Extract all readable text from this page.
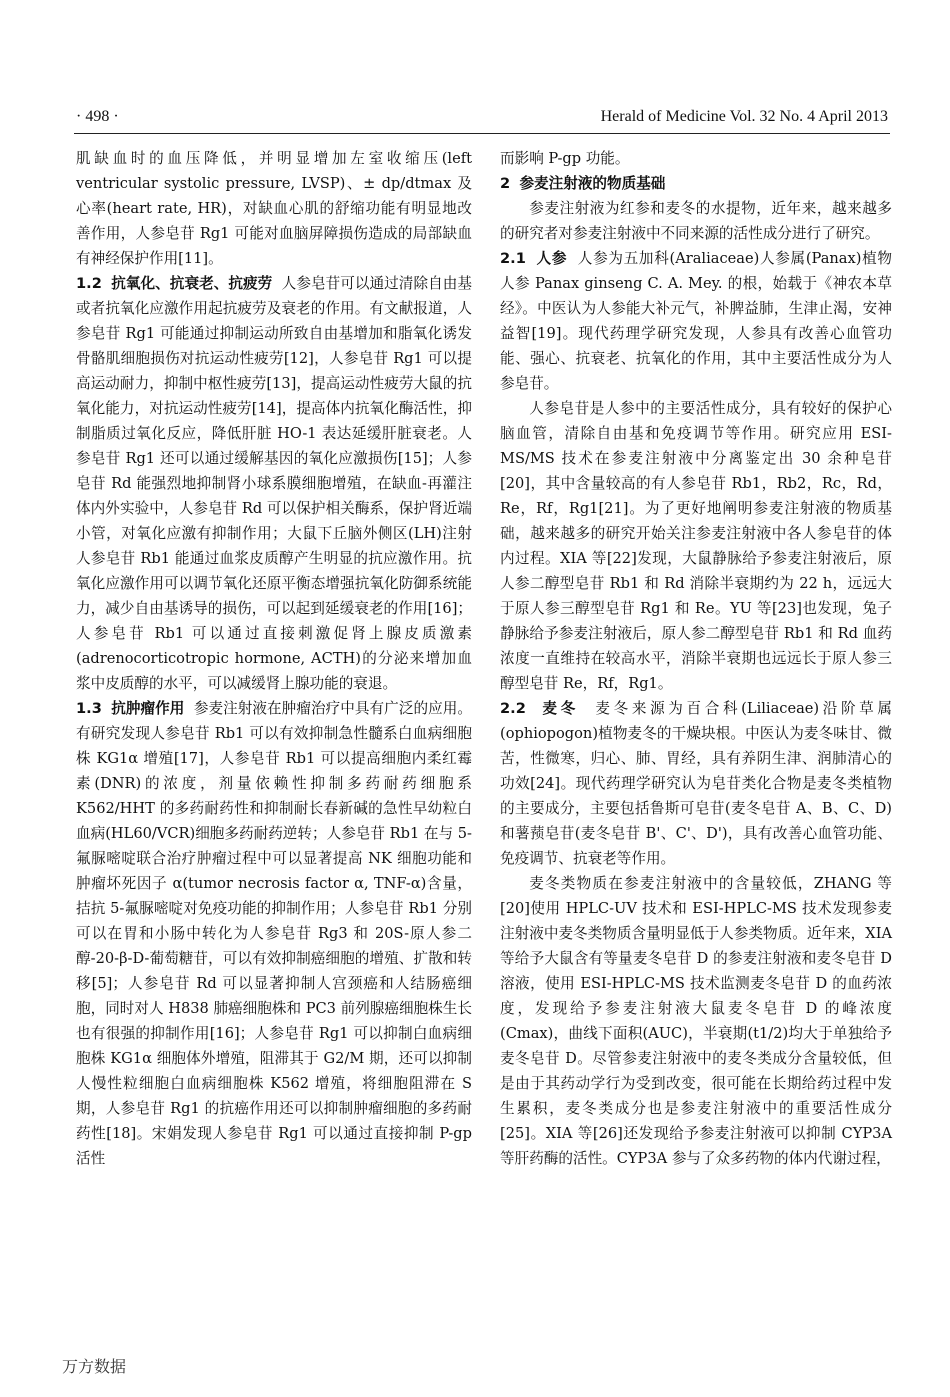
· 498 ·	Herald of Medicine Vol. 32 No. 4 April 2013

肌缺血时的血压降低，并明显增加左室收缩压(left ventricular systolic pressure, LVSP)、± dp/dtmax 及心率(heart rate, HR)，对缺血心肌的舒缩功能有明显地改善作用，人参皂苷 Rg1 可能对血脑屏障损伤造成的局部缺血有神经保护作用[11]。

1.2 抗氧化、抗衰老、抗疲劳 人参皂苷可以通过清除自由基或者抗氧化应激作用起抗疲劳及衰老的作用。有文献报道，人参皂苷 Rg1 可能通过抑制运动所致自由基增加和脂氧化诱发骨骼肌细胞损伤对抗运动性疲劳[12]，人参皂苷 Rg1 可以提高运动耐力，抑制中枢性疲劳[13]，提高运动性疲劳大鼠的抗氧化能力，对抗运动性疲劳[14]，提高体内抗氧化酶活性，抑制脂质过氧化反应，降低肝脏 HO-1 表达延缓肝脏衰老。人参皂苷 Rg1 还可以通过缓解基因的氧化应激损伤[15]；人参皂苷 Rd 能强烈地抑制肾小球系膜细胞增殖，在缺血-再灌注体内外实验中，人参皂苷 Rd 可以保护相关酶系，保护肾近端小管，对氧化应激有抑制作用；大鼠下丘脑外侧区(LH)注射人参皂苷 Rb1 能通过血浆皮质醇产生明显的抗应激作用。抗氧化应激作用可以调节氧化还原平衡态增强抗氧化防御系统能力，减少自由基诱导的损伤，可以起到延缓衰老的作用[16]；人参皂苷 Rb1 可以通过直接刺激促肾上腺皮质激素(adrenocorticotropic hormone, ACTH)的分泌来增加血浆中皮质醇的水平，可以减缓肾上腺功能的衰退。

1.3 抗肿瘤作用 参麦注射液在肿瘤治疗中具有广泛的应用。有研究发现人参皂苷 Rb1 可以有效抑制急性髓系白血病细胞株 KG1α 增殖[17]，人参皂苷 Rb1 可以提高细胞内柔红霉素(DNR)的浓度，剂量依赖性抑制多药耐药细胞系 K562/HHT 的多药耐药性和抑制耐长春新碱的急性早幼粒白血病(HL60/VCR)细胞多药耐药逆转；人参皂苷 Rb1 在与 5-氟脲嘧啶联合治疗肿瘤过程中可以显著提高 NK 细胞功能和肿瘤坏死因子 α(tumor necrosis factor α, TNF-α)含量，拮抗 5-氟脲嘧啶对免疫功能的抑制作用；人参皂苷 Rb1 分别可以在胃和小肠中转化为人参皂苷 Rg3 和 20S-原人参二醇-20-β-D-葡萄糖苷，可以有效抑制癌细胞的增殖、扩散和转移[5]；人参皂苷 Rd 可以显著抑制人宫颈癌和人结肠癌细胞，同时对人 H838 肺癌细胞株和 PC3 前列腺癌细胞株生长也有很强的抑制作用[16]；人参皂苷 Rg1 可以抑制白血病细胞株 KG1α 细胞体外增殖，阻滞其于 G2/M 期，还可以抑制人慢性粒细胞白血病细胞株 K562 增殖，将细胞阻滞在 S 期，人参皂苷 Rg1 的抗癌作用还可以抑制肿瘤细胞的多药耐药性[18]。宋娟发现人参皂苷 Rg1 可以通过直接抑制 P-gp 活性

而影响 P-gp 功能。

2 参麦注射液的物质基础

参麦注射液为红参和麦冬的水提物，近年来，越来越多的研究者对参麦注射液中不同来源的活性成分进行了研究。

2.1 人参 人参为五加科(Araliaceae)人参属(Panax)植物人参 Panax ginseng C. A. Mey. 的根，始载于《神农本草经》。中医认为人参能大补元气，补脾益肺，生津止渴，安神益智[19]。现代药理学研究发现，人参具有改善心血管功能、强心、抗衰老、抗氧化的作用，其中主要活性成分为人参皂苷。

人参皂苷是人参中的主要活性成分，具有较好的保护心脑血管，清除自由基和免疫调节等作用。研究应用 ESI-MS/MS 技术在参麦注射液中分离鉴定出 30 余种皂苷[20]，其中含量较高的有人参皂苷 Rb1，Rb2，Rc，Rd，Re，Rf，Rg1[21]。为了更好地阐明参麦注射液的物质基础，越来越多的研究开始关注参麦注射液中各人参皂苷的体内过程。XIA 等[22]发现，大鼠静脉给予参麦注射液后，原人参二醇型皂苷 Rb1 和 Rd 消除半衰期约为 22 h，远远大于原人参三醇型皂苷 Rg1 和 Re。YU 等[23]也发现，兔子静脉给予参麦注射液后，原人参二醇型皂苷 Rb1 和 Rd 血药浓度一直维持在较高水平，消除半衰期也远远长于原人参三醇型皂苷 Re，Rf，Rg1。

2.2 麦冬 麦冬来源为百合科(Liliaceae)沿阶草属(ophiopogon)植物麦冬的干燥块根。中医认为麦冬味甘、微苦，性微寒，归心、肺、胃经，具有养阴生津、润肺清心的功效[24]。现代药理学研究认为皂苷类化合物是麦冬类植物的主要成分，主要包括鲁斯可皂苷(麦冬皂苷 A、B、C、D)和薯蓣皂苷(麦冬皂苷 B'、C'、D')，具有改善心血管功能、免疫调节、抗衰老等作用。

麦冬类物质在参麦注射液中的含量较低，ZHANG 等[20]使用 HPLC-UV 技术和 ESI-HPLC-MS 技术发现参麦注射液中麦冬类物质含量明显低于人参类物质。近年来，XIA 等给予大鼠含有等量麦冬皂苷 D 的参麦注射液和麦冬皂苷 D 溶液，使用 ESI-HPLC-MS 技术监测麦冬皂苷 D 的血药浓度，发现给予参麦注射液大鼠麦冬皂苷 D 的峰浓度(Cmax)，曲线下面积(AUC)，半衰期(t1/2)均大于单独给予麦冬皂苷 D。尽管参麦注射液中的麦冬类成分含量较低，但是由于其药动学行为受到改变，很可能在长期给药过程中发生累积，麦冬类成分也是参麦注射液中的重要活性成分[25]。XIA 等[26]还发现给予参麦注射液可以抑制 CYP3A 等肝药酶的活性。CYP3A 参与了众多药物的体内代谢过程，

万方数据
